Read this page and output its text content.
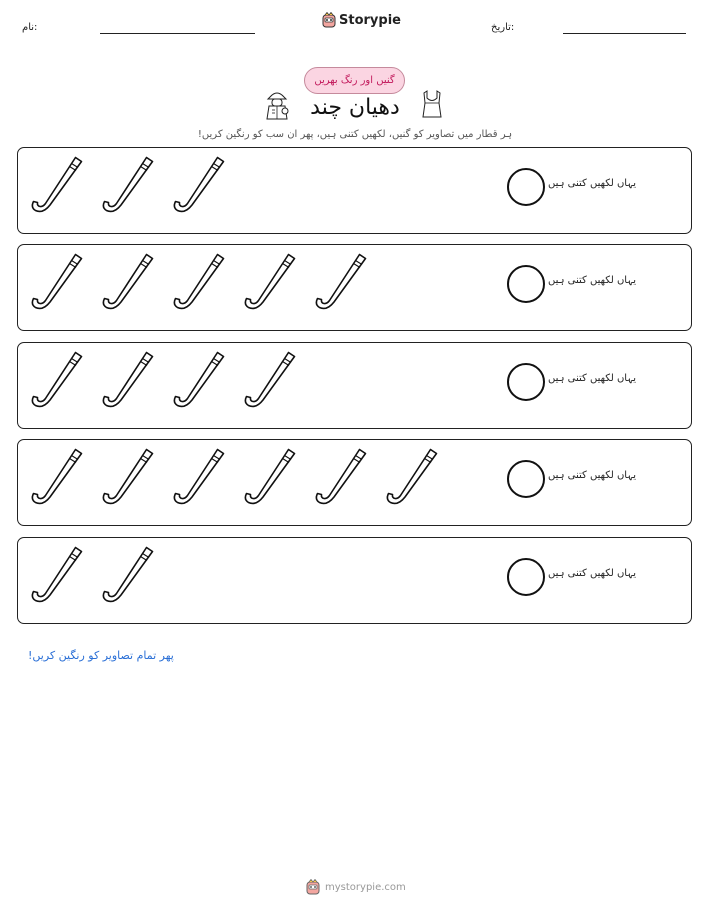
نام:	Storypie	تاریخ:
گنیں اور رنگ بھریں
دھیان چند
ہر قطار میں تصاویر کو گنیں، لکھیں کتنی ہیں، پھر ان سب کو رنگین کریں!
یہاں لکھیں کتنی ہیں
یہاں لکھیں کتنی ہیں
یہاں لکھیں کتنی ہیں
یہاں لکھیں کتنی ہیں
یہاں لکھیں کتنی ہیں
پھر تمام تصاویر کو رنگین کریں!
mystorypie.com
